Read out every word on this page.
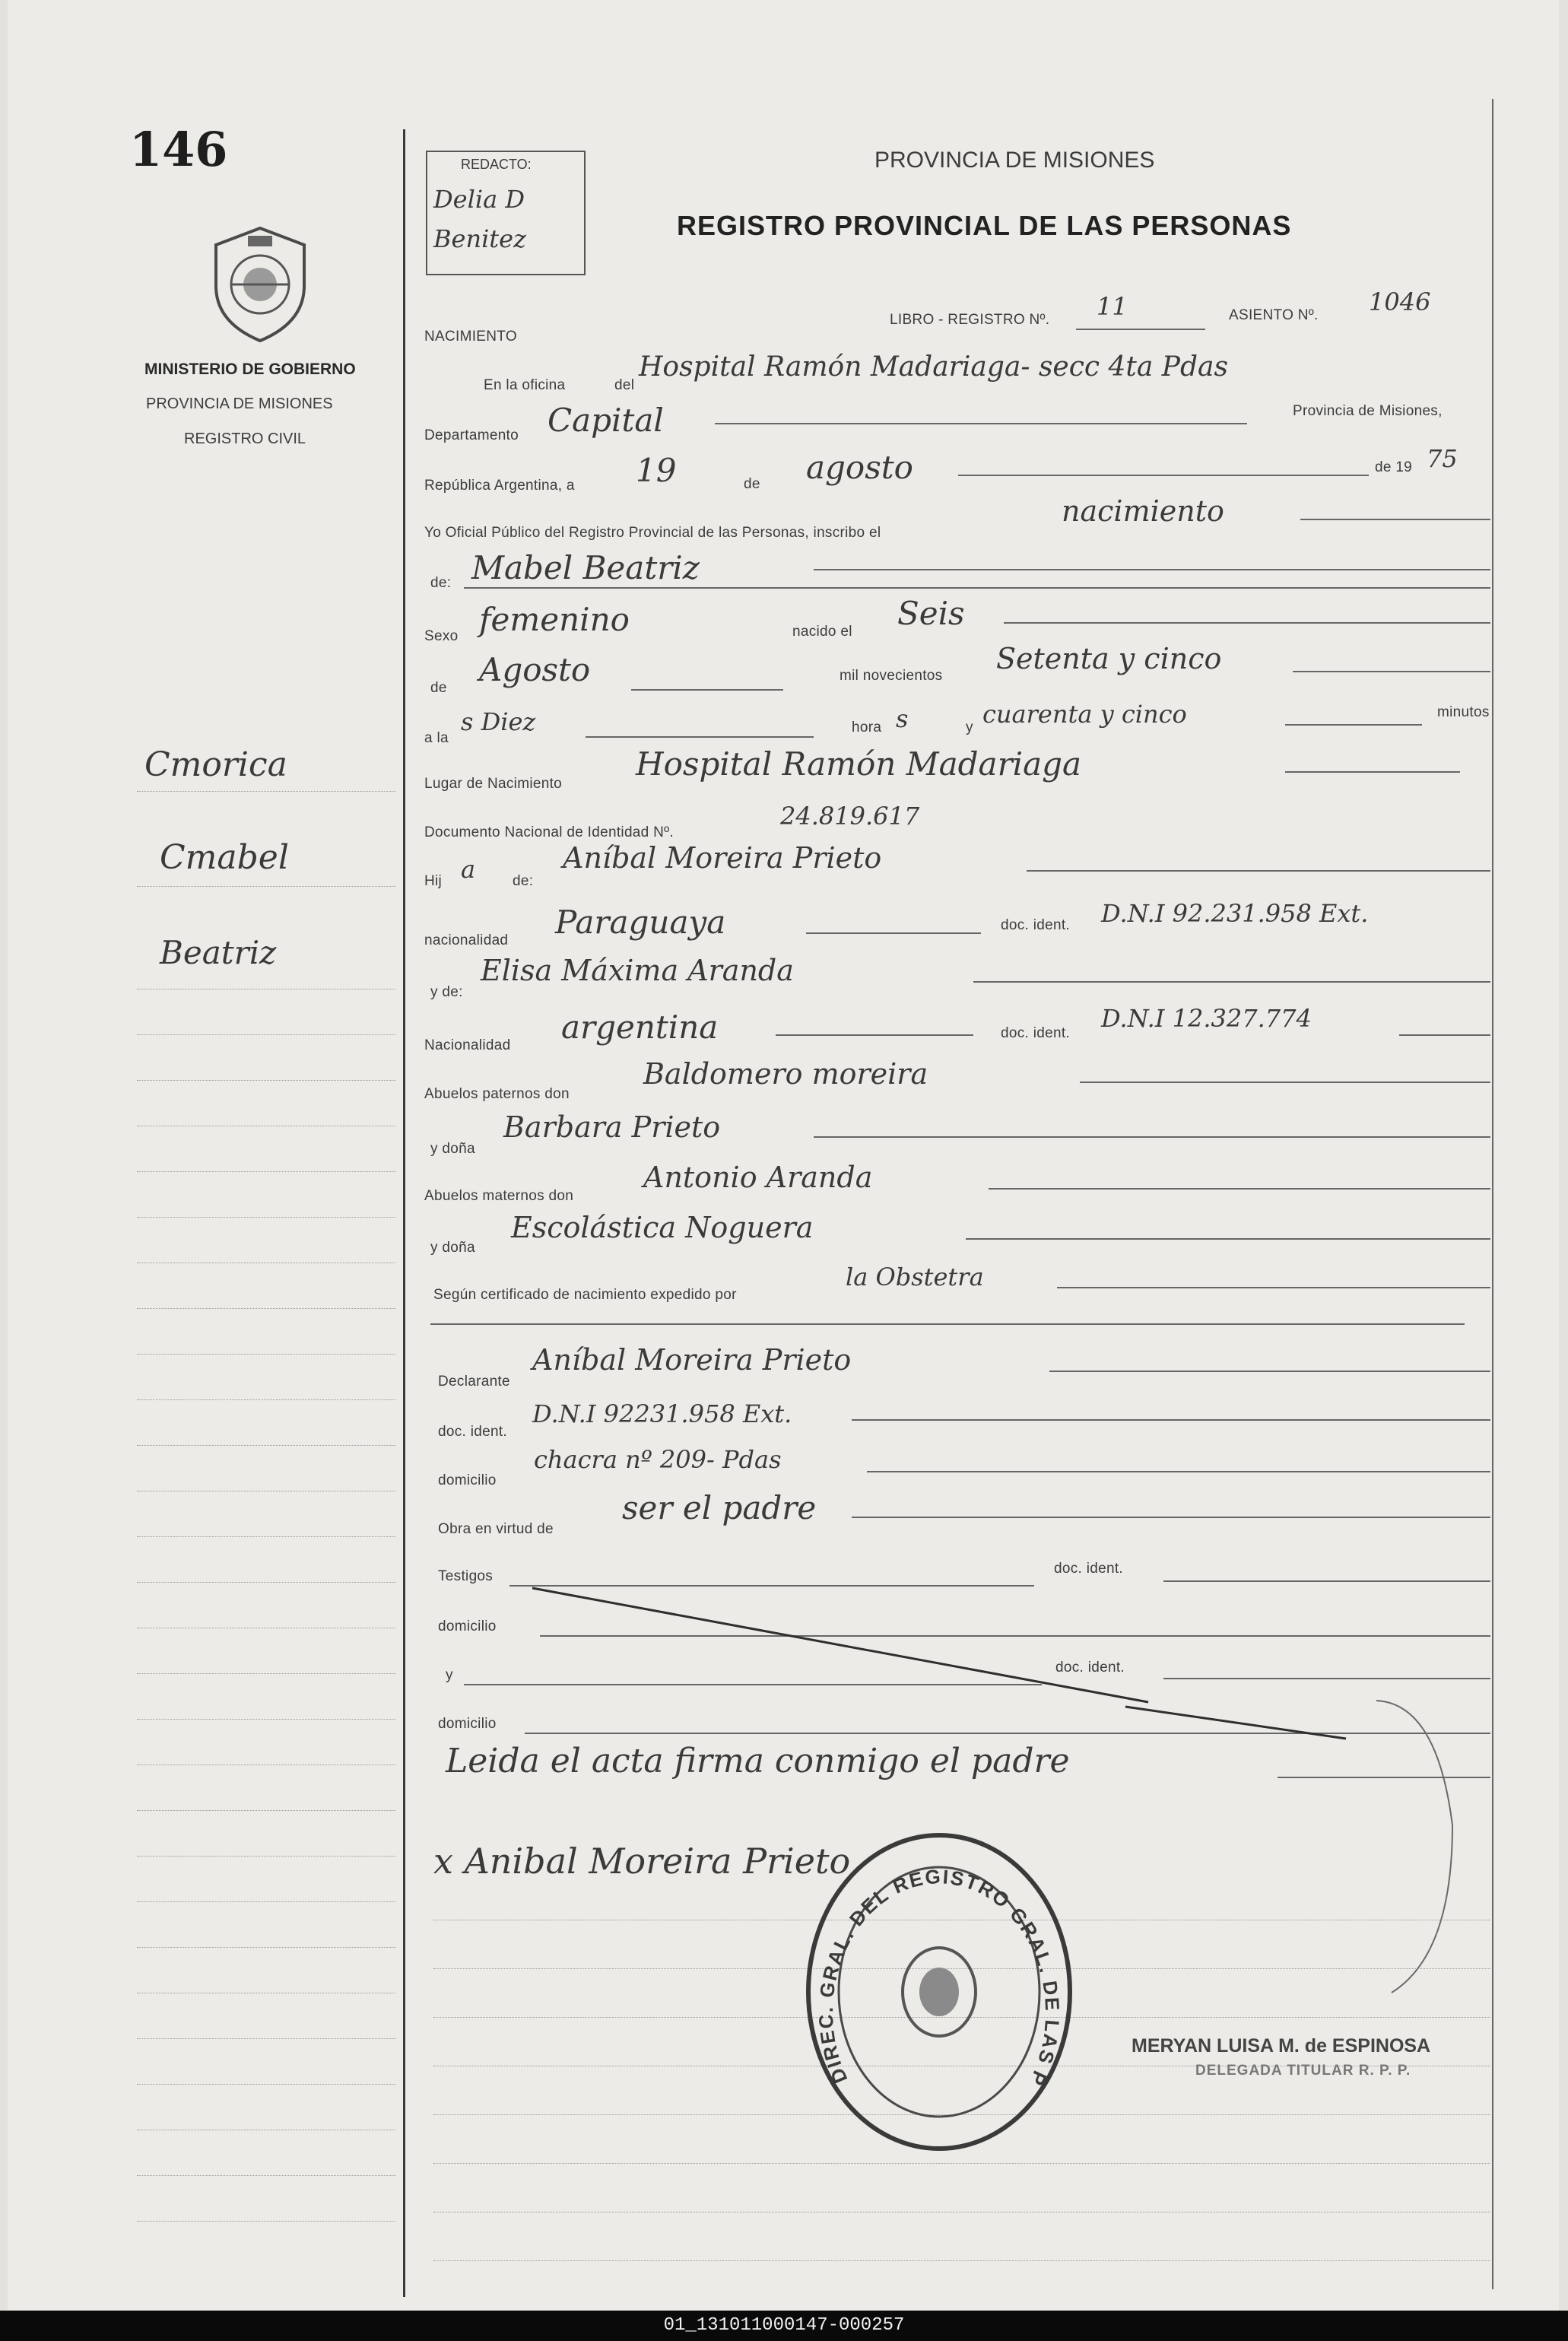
146
MINISTERIO DE GOBIERNO
PROVINCIA DE MISIONES
REGISTRO CIVIL
Cmorica
Cmabel
Beatriz
REDACTO:
Delia D Benitez
PROVINCIA DE MISIONES
REGISTRO PROVINCIAL DE LAS PERSONAS
LIBRO - REGISTRO Nº. 11	ASIENTO Nº. 1046
NACIMIENTO
En la oficina	del
Hospital Ramón Madariaga- secc 4ta Pdas
Departamento Capital	Provincia de Misiones,
República Argentina, a 19	de agosto	de 19 75
Yo Oficial Público del Registro Provincial de las Personas, inscribo el
nacimiento
de: Mabel Beatriz
Sexo femenino	nacido el Seis
de Agosto	mil novecientos
Setenta y cinco
a la
s Diez	hora s	y cuarenta y cinco	minutos
Lugar de Nacimiento
Hospital Ramón Madariaga
Documento Nacional de Identidad Nº.
24.819.617
Hij a	de:
Aníbal Moreira Prieto
nacionalidad Paraguaya	doc. ident. D.N.I 92.231.958 Ext.
y de:
Elisa Máxima Aranda
Nacionalidad argentina	doc. ident.
D.N.I 12.327.774
Abuelos paternos don
Baldomero moreira
y doña
Barbara Prieto
Abuelos maternos don
Antonio Aranda
y doña
Escolástica Noguera
Según certificado de nacimiento expedido por
la Obstetra
Declarante
Aníbal Moreira Prieto
doc. ident.
D.N.I 92231.958 Ext.
domicilio
chacra nº 209- Pdas
Obra en virtud de
ser el padre
Testigos	doc. ident.
domicilio
y	doc. ident.
domicilio
Leida el acta firma conmigo el padre
x Anibal Moreira Prieto
DIREC. GRAL. DEL REGISTRO GRAL. DE LAS P
MERYAN LUISA M. de ESPINOSA
DELEGADA TITULAR R. P. P.
01_131011000147-000257
